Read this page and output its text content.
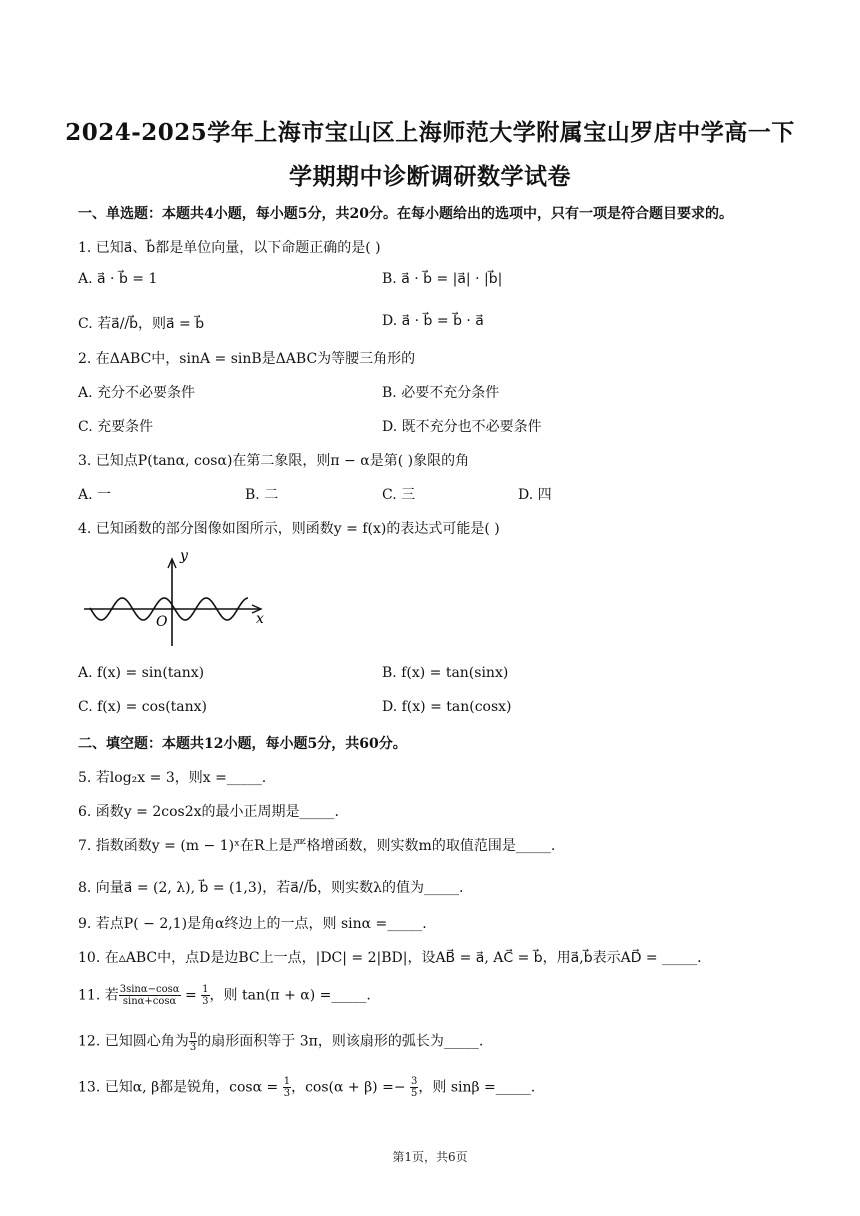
2024-2025学年上海市宝山区上海师范大学附属宝山罗店中学高一下
学期期中诊断调研数学试卷
一、单选题：本题共4小题，每小题5分，共20分。在每小题给出的选项中，只有一项是符合题目要求的。
1. 已知a⃗、b⃗都是单位向量，以下命题正确的是( )
A. a⃗ · b⃗ = 1	B. a⃗ · b⃗ = |a⃗| · |b⃗|
C. 若a⃗//b⃗，则a⃗ = b⃗	D. a⃗ · b⃗ = b⃗ · a⃗
2. 在ΔABC中，sinA = sinB是ΔABC为等腰三角形的
A. 充分不必要条件	B. 必要不充分条件
C. 充要条件	D. 既不充分也不必要条件
3. 已知点P(tanα, cosα)在第二象限，则π − α是第( )象限的角
A. 一	B. 二	C. 三	D. 四
4. 已知函数的部分图像如图所示，则函数y = f(x)的表达式可能是( )
y
x
O
A. f(x) = sin(tanx)	B. f(x) = tan(sinx)
C. f(x) = cos(tanx)	D. f(x) = tan(cosx)
二、填空题：本题共12小题，每小题5分，共60分。
5. 若log₂x = 3，则x =_____.
6. 函数y = 2cos2x的最小正周期是_____.
7. 指数函数y = (m − 1)ˣ在R上是严格增函数，则实数m的取值范围是_____.
8. 向量a⃗ = (2, λ), b⃗ = (1,3)，若a⃗//b⃗，则实数λ的值为_____.
9. 若点P( − 2,1)是角α终边上的一点，则 sinα =_____.
10. 在▵ABC中，点D是边BC上一点，|DC| = 2|BD|，设AB⃗ = a⃗, AC⃗ = b⃗，用a⃗,b⃗表示AD⃗ = _____.
11. 若 $\frac{3\sin\alpha-\cos\alpha}{\sin\alpha+\cos\alpha} = \frac{1}{3}$ ，则 tan(π + α) =_____.
12. 已知圆心角为 $\frac{\pi}{3}$ 的扇形面积等于 3π，则该扇形的弧长为_____.
13. 已知α, β都是锐角，$\cos\alpha = \frac{1}{3}$ ，$\cos(\alpha + \beta) =- \frac{3}{5}$ ，则 sinβ =_____.
第1页，共6页
